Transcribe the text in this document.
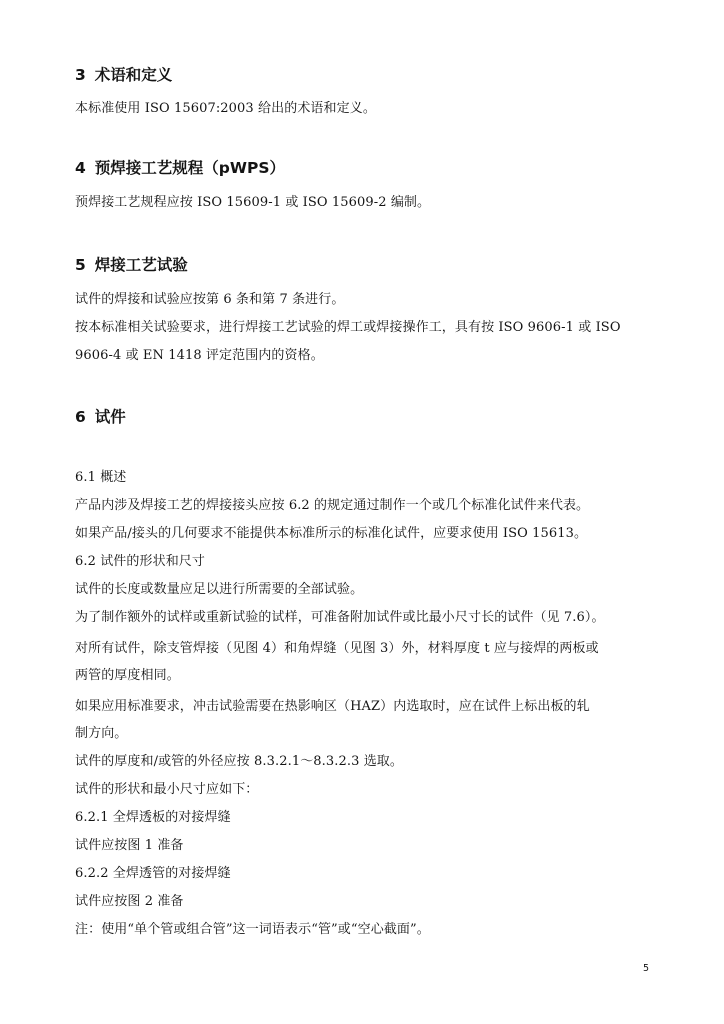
3 术语和定义
本标准使用 ISO 15607:2003 给出的术语和定义。
4 预焊接工艺规程（pWPS）
预焊接工艺规程应按 ISO 15609-1 或 ISO 15609-2 编制。
5 焊接工艺试验
试件的焊接和试验应按第 6 条和第 7 条进行。
按本标准相关试验要求，进行焊接工艺试验的焊工或焊接操作工，具有按 ISO 9606-1 或 ISO
9606-4 或 EN 1418 评定范围内的资格。
6 试件
6.1 概述
产品内涉及焊接工艺的焊接接头应按 6.2 的规定通过制作一个或几个标准化试件来代表。
如果产品/接头的几何要求不能提供本标准所示的标准化试件，应要求使用 ISO 15613。
6.2 试件的形状和尺寸
试件的长度或数量应足以进行所需要的全部试验。
为了制作额外的试样或重新试验的试样，可准备附加试件或比最小尺寸长的试件（见 7.6）。
对所有试件，除支管焊接（见图 4）和角焊缝（见图 3）外，材料厚度 t 应与接焊的两板或
两管的厚度相同。
如果应用标准要求，冲击试验需要在热影响区（HAZ）内选取时，应在试件上标出板的轧
制方向。
试件的厚度和/或管的外径应按 8.3.2.1～8.3.2.3 选取。
试件的形状和最小尺寸应如下：
6.2.1 全焊透板的对接焊缝
试件应按图 1 准备
6.2.2 全焊透管的对接焊缝
试件应按图 2 准备
注：使用“单个管或组合管”这一词语表示“管”或“空心截面”。
5
